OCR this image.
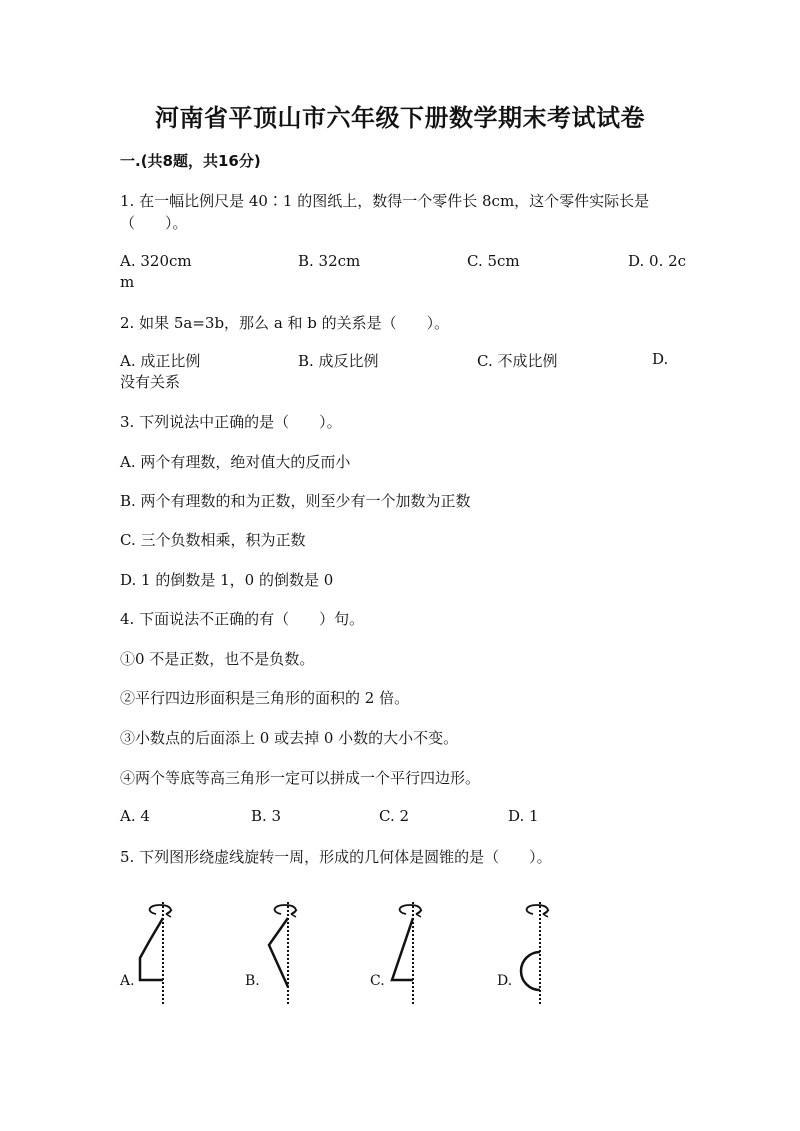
河南省平顶山市六年级下册数学期末考试试卷
一.(共8题，共16分)
1. 在一幅比例尺是 40∶1 的图纸上，数得一个零件长 8cm，这个零件实际长是
（　　）。
A. 320cm	B. 32cm	C. 5cm	D. 0. 2c
m
2. 如果 5a=3b，那么 a 和 b 的关系是（　　）。
A. 成正比例	B. 成反比例	C. 不成比例	D.
没有关系
3. 下列说法中正确的是（　　）。
A. 两个有理数，绝对值大的反而小
B. 两个有理数的和为正数，则至少有一个加数为正数
C. 三个负数相乘，积为正数
D. 1 的倒数是 1，0 的倒数是 0
4. 下面说法不正确的有（　　）句。
①0 不是正数，也不是负数。
②平行四边形面积是三角形的面积的 2 倍。
③小数点的后面添上 0 或去掉 0 小数的大小不变。
④两个等底等高三角形一定可以拼成一个平行四边形。
A. 4	B. 3	C. 2	D. 1
5. 下列图形绕虚线旋转一周，形成的几何体是圆锥的是（　　）。
A.	B.	C.	D.
